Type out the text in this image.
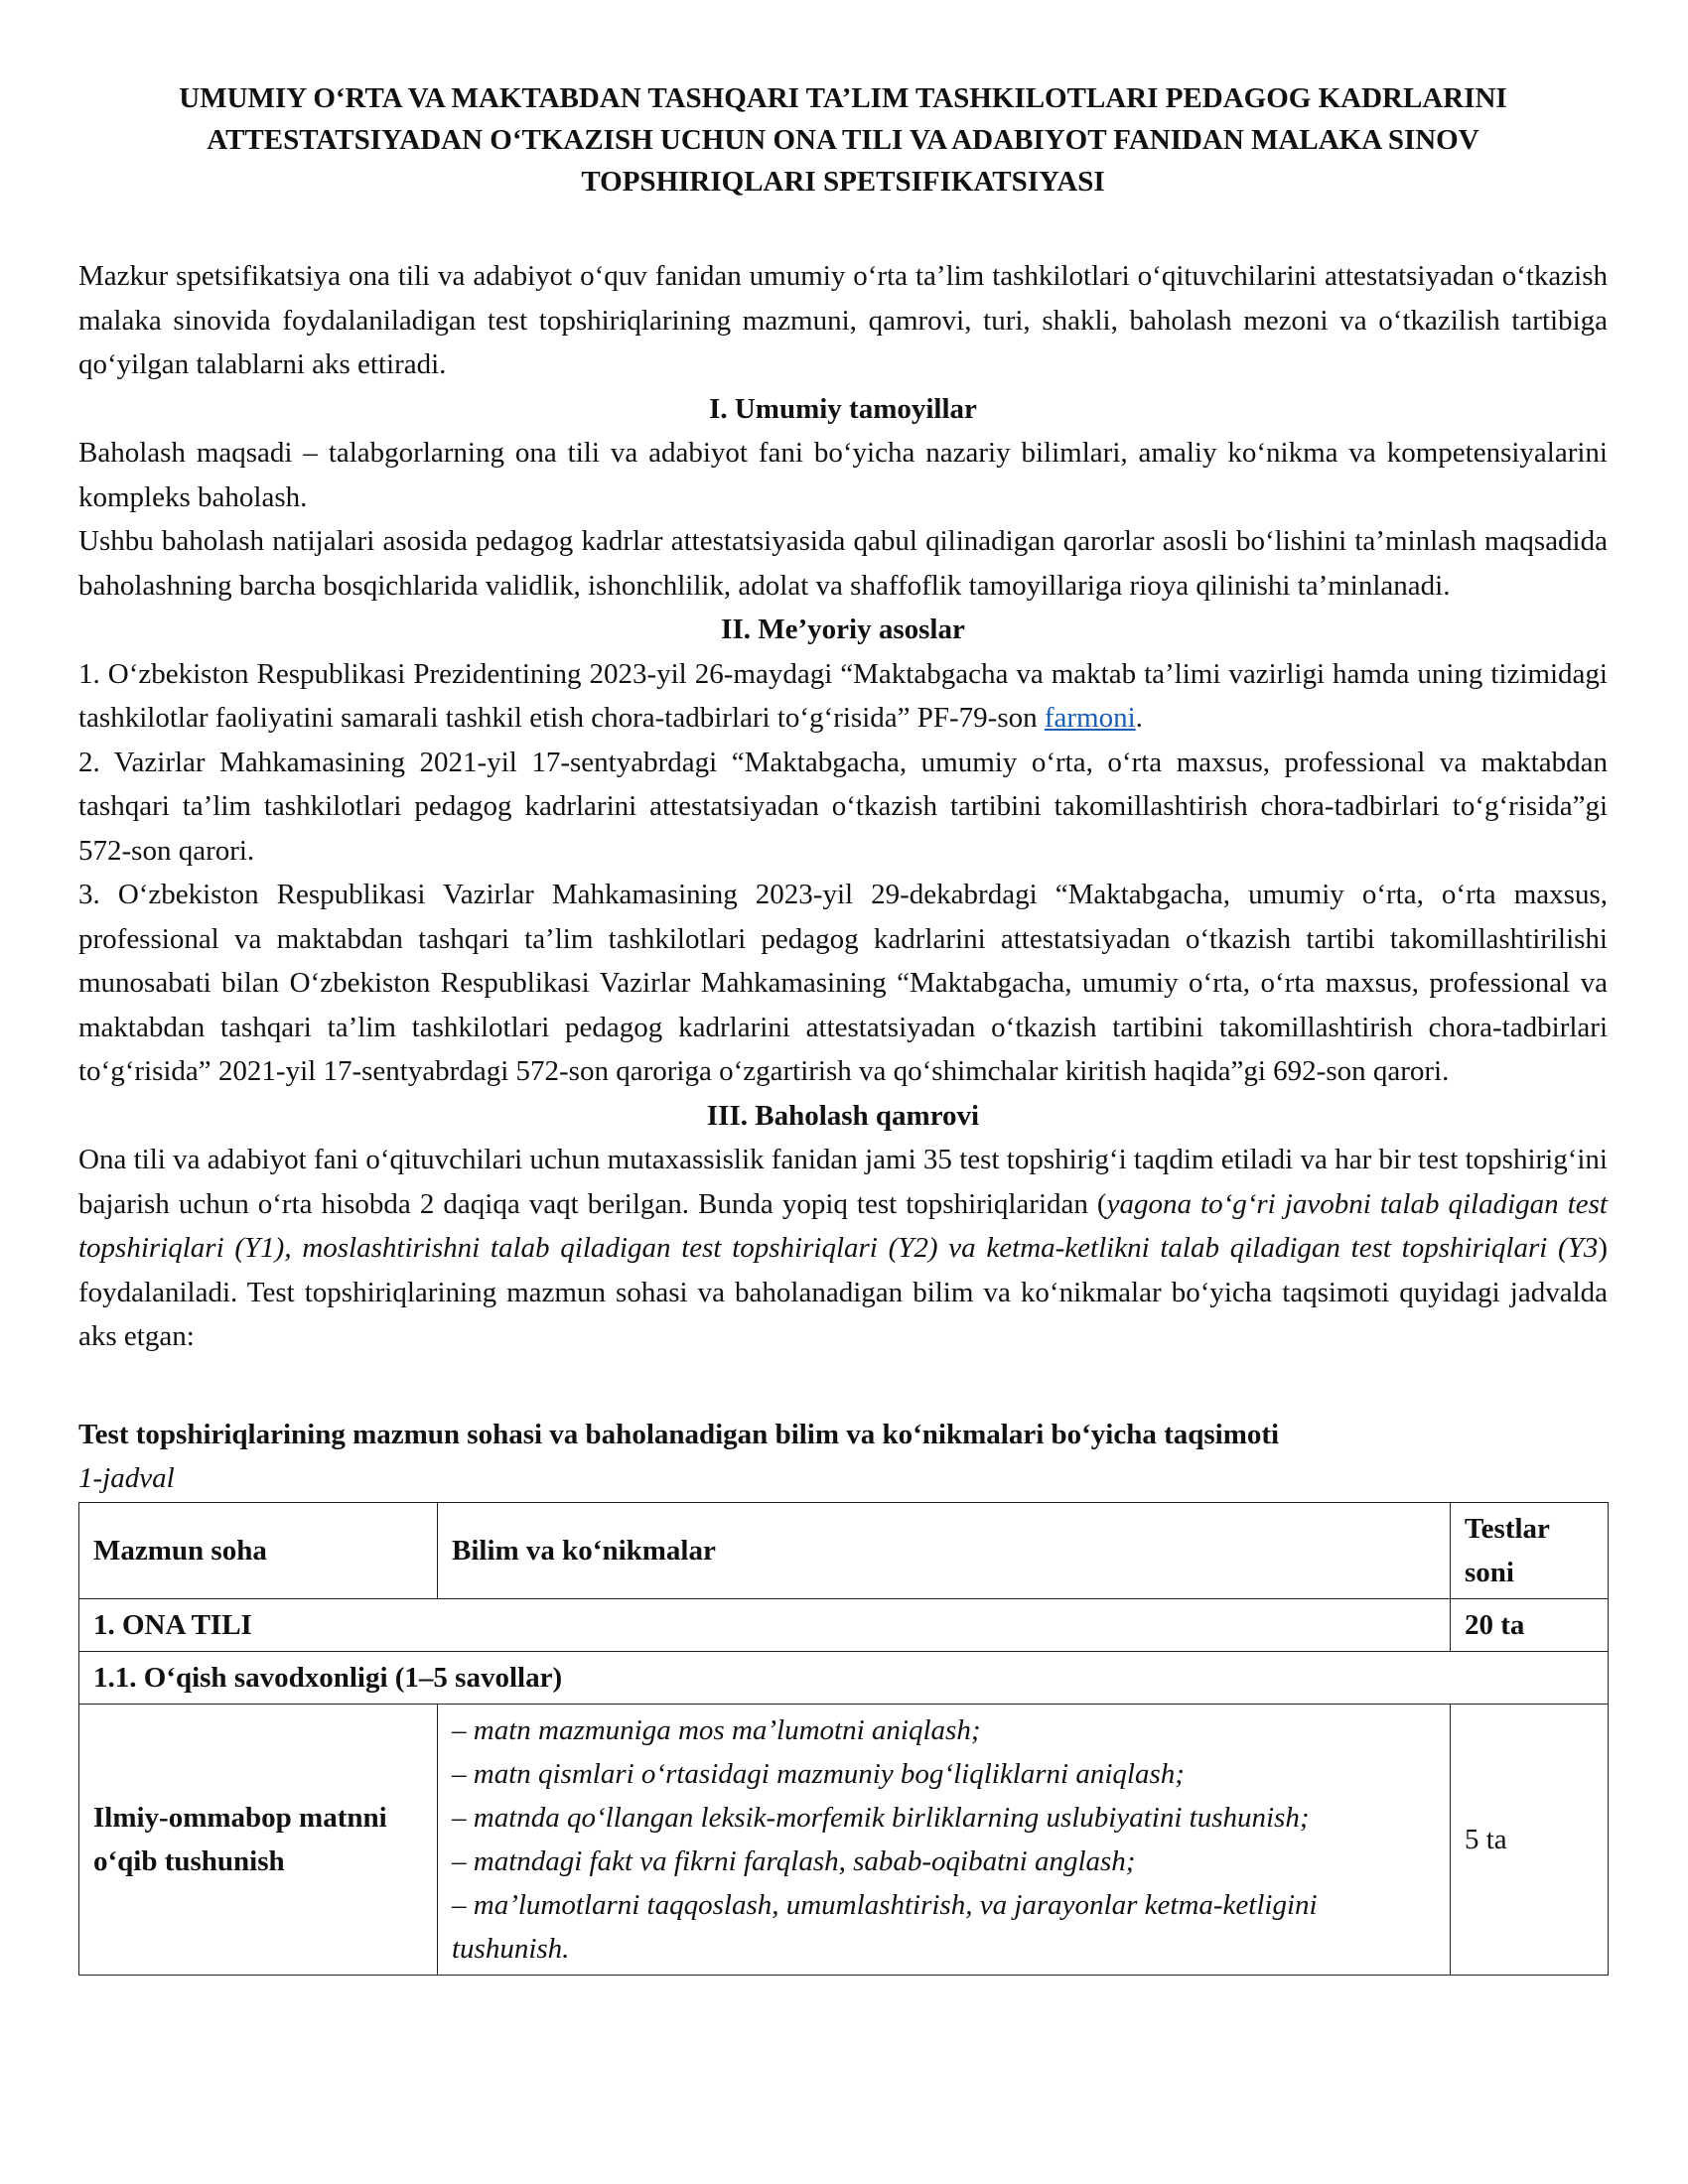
UMUMIY O‘RTA VA MAKTABDAN TASHQARI TA’LIM TASHKILOTLARI PEDAGOG KADRLARINI ATTESTATSIYADAN O‘TKAZISH UCHUN ONA TILI VA ADABIYOT FANIDAN MALAKA SINOV TOPSHIRIQLARI SPETSIFIKATSIYASI

Mazkur spetsifikatsiya ona tili va adabiyot o‘quv fanidan umumiy o‘rta ta’lim tashkilotlari o‘qituvchilarini attestatsiyadan o‘tkazish malaka sinovida foydalaniladigan test topshiriqlarining mazmuni, qamrovi, turi, shakli, baholash mezoni va o‘tkazilish tartibiga qo‘yilgan talablarni aks ettiradi.

I. Umumiy tamoyillar

Baholash maqsadi – talabgorlarning ona tili va adabiyot fani bo‘yicha nazariy bilimlari, amaliy ko‘nikma va kompetensiyalarini kompleks baholash.

Ushbu baholash natijalari asosida pedagog kadrlar attestatsiyasida qabul qilinadigan qarorlar asosli bo‘lishini ta’minlash maqsadida baholashning barcha bosqichlarida validlik, ishonchlilik, adolat va shaffoflik tamoyillariga rioya qilinishi ta’minlanadi.

II. Me’yoriy asoslar

1. O‘zbekiston Respublikasi Prezidentining 2023-yil 26-maydagi “Maktabgacha va maktab ta’limi vazirligi hamda uning tizimidagi tashkilotlar faoliyatini samarali tashkil etish chora-tadbirlari to‘g‘risida” PF-79-son farmoni.

2. Vazirlar Mahkamasining 2021-yil 17-sentyabrdagi “Maktabgacha, umumiy o‘rta, o‘rta maxsus, professional va maktabdan tashqari ta’lim tashkilotlari pedagog kadrlarini attestatsiyadan o‘tkazish tartibini takomillashtirish chora-tadbirlari to‘g‘risida”gi 572-son qarori.

3. O‘zbekiston Respublikasi Vazirlar Mahkamasining 2023-yil 29-dekabrdagi “Maktabgacha, umumiy o‘rta, o‘rta maxsus, professional va maktabdan tashqari ta’lim tashkilotlari pedagog kadrlarini attestatsiyadan o‘tkazish tartibi takomillashtirilishi munosabati bilan O‘zbekiston Respublikasi Vazirlar Mahkamasining “Maktabgacha, umumiy o‘rta, o‘rta maxsus, professional va maktabdan tashqari ta’lim tashkilotlari pedagog kadrlarini attestatsiyadan o‘tkazish tartibini takomillashtirish chora-tadbirlari to‘g‘risida” 2021-yil 17-sentyabrdagi 572-son qaroriga o‘zgartirish va qo‘shimchalar kiritish haqida”gi 692-son qarori.

III. Baholash qamrovi

Ona tili va adabiyot fani o‘qituvchilari uchun mutaxassislik fanidan jami 35 test topshirig‘i taqdim etiladi va har bir test topshirig‘ini bajarish uchun o‘rta hisobda 2 daqiqa vaqt berilgan. Bunda yopiq test topshiriqlaridan (yagona to‘g‘ri javobni talab qiladigan test topshiriqlari (Y1), moslashtirishni talab qiladigan test topshiriqlari (Y2) va ketma-ketlikni talab qiladigan test topshiriqlari (Y3) foydalaniladi. Test topshiriqlarining mazmun sohasi va baholanadigan bilim va ko‘nikmalar bo‘yicha taqsimoti quyidagi jadvalda aks etgan:

Test topshiriqlarining mazmun sohasi va baholanadigan bilim va ko‘nikmalari bo‘yicha taqsimoti

1-jadval

Mazmun soha	Bilim va ko‘nikmalar	Testlar soni
1. ONA TILI		20 ta
1.1. O‘qish savodxonligi (1–5 savollar)		
Ilmiy-ommabop matnni o‘qib tushunish	– matn mazmuniga mos ma’lumotni aniqlash;
– matn qismlari o‘rtasidagi mazmuniy bog‘liqliklarni aniqlash;
– matnda qo‘llangan leksik-morfemik birliklarning uslubiyatini tushunish;
– matndagi fakt va fikrni farqlash, sabab-oqibatni anglash;
– ma’lumotlarni taqqoslash, umumlashtirish, va jarayonlar ketma-ketligini tushunish.	5 ta
